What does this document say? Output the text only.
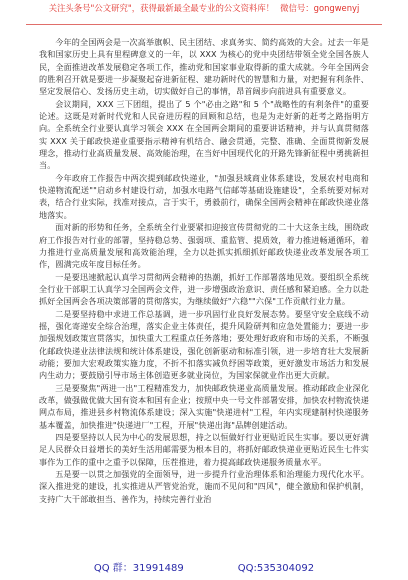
关注头条号"公文研究"，获得最新最全最专业的公文资料库！ 微信号：gongwenyj

今年的全国两会是一次高举旗帜、民主团结、求真务实、简约高效的大会。过去一年是我和国家历史上具有里程碑意义的一年，以 XXX 为核心的党中央团结带领全党全国各族人民，全面推进改革发展稳定各项工作，推动党和国家事业取得新的重大成就。今年全国两会的胜利召开就是要进一步凝聚起奋进新征程、建功新时代的智慧和力量，对把握有利条件、坚定发展信心、发扬历史主动，切实做好自己的事情，昂首阔步向前进具有重要意义。

会议期间，XXX 三下团组，提出了 5 个"必由之路"和 5 个"战略性的有利条件"的重要论述。这既是对新时代党和人民奋进历程的回顾和总结，也是为走好新的赶考之路指明方向。全系统全行业要认真学习领会 XXX 在全国两会期间的重要讲话精神，并与认真贯彻落实 XXX 关于邮政快递业重要指示精神有机结合、融会贯通，完整、准确、全面贯彻新发展理念，推动行业高质量发展、高效能治理，在当好中国现代化的开路先锋新征程中勇挑新担当。

今年政府工作报告中两次提到邮政快递业，"加强县域商业体系建设，发展农村电商和快递物流配送""启动乡村建设行动，加强水电路气信邮等基础设施建设"，全系统要对标对表，结合行业实际，找准对接点，言于实干，勇毅前行，确保全国两会精神在邮政快递业落地落实。

面对新的形势和任务，全系统全行业要紧扣迎接宣传贯彻党的二十大这条主线，围绕政府工作报告对行业的部署，坚持稳总势、强弱项、重监管、提质效，着力推进畅通循环，着力推进行业高质量发展和高效能治理，全力以赴抓实抓细抓好邮政快递业改革发展各项工作，圆满完成年度目标任务。

一是要迅速掀起认真学习贯彻两会精神的热潮，抓好工作部署落地见效。要组织全系统全行业干部职工认真学习全国两会文件，进一步增强政治意识、责任感和紧迫感。全力以赴抓好全国两会各项决策部署的贯彻落实，为继续做好"六稳""六保"工作贡献行业力量。

二是要坚持稳中求进工作总基调，进一步巩固行业良好发展态势。要坚守安全底线不动摇，强化寄递安全综合治理，落实企业主体责任，提升风险研判和应急处置能力；要进一步加强规划政策宣贯落实，加快重大工程重点任务落地；要处理好政府和市场的关系，不断强化邮政快递业法律法规和统计体系建设，强化创新驱动和标准引领，进一步培育壮大发展新动能；要加大宏观政策实施力度，不折不扣落实减负纾困等政策，更好激发市场活力和发展内生动力；要鼓励引导市场主体创造更多就业岗位，为国家保就业作出更大贡献。

三是要聚焦"两进一出"工程精准发力，加快邮政快递业高质量发展。推动邮政企业深化改革，做强做优做大国有资本和国有企业；按照中央一号文件部署安排，加快农村物流快递网点布局，推进县乡村物流体系建设；深入实施"快递进村"工程，年内实现建制村快递服务基本覆盖，加快推进"快递进厂"工程，开展"快递出海"品牌创建活动。

四是要坚持以人民为中心的发展思想，持之以恒做好行业更贴近民生实事。要以更好满足人民群众日益增长的美好生活用邮需要为根本目的，将抓好邮政快递业更贴近民生七件实事作为工作的重中之重予以保障，压茬推进，着力提高邮政快递服务质量水平。

五是要一以贯之加强党的全面领导，进一步提升行业治理体系和治理能力现代化水平。深入推进党的建设，扎实推进从严管党治党，施而不见问和"四风"，健全激励和保护机制，支持广大干部敢担当、善作为，持续完善行业治

QQ 群：31991489	QQ:535304092
